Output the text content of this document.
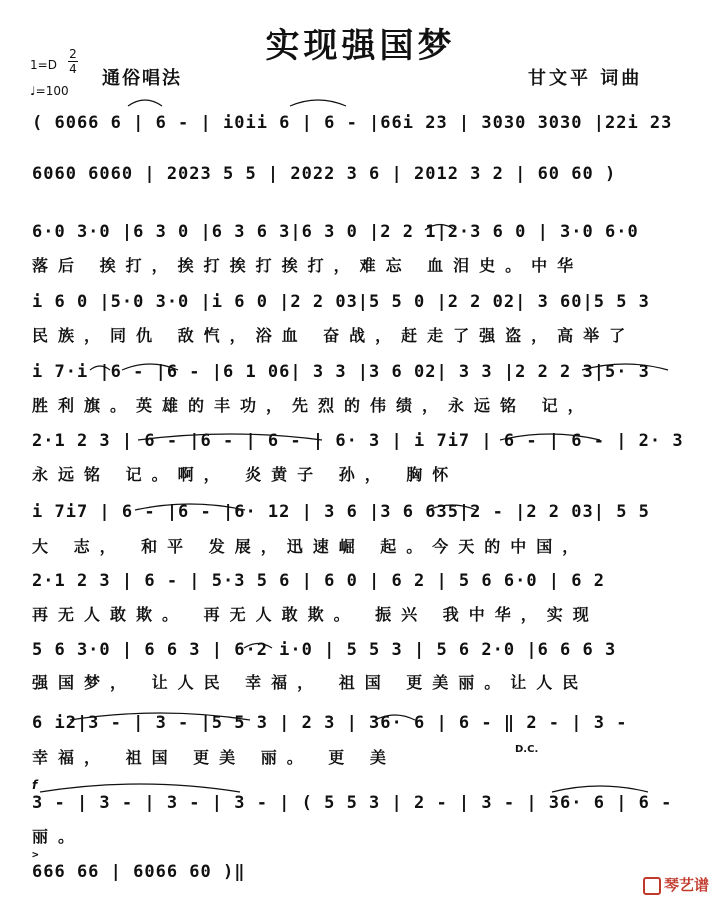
实现强国梦
1=D
2
4
♩=100
通俗唱法	甘文平 词曲
( 6066 6 | 6 - | i0ii 6 | 6 - |66i 23 | 3030 3030 |22i 23
6060 6060 | 2023 5 5 | 2022 3 6 | 2012 3 2 | 60 60 )
6·0 3·0 |6 3 0 |6 3 6 3|6 3 0 |2 2 1|2·3 6 0 | 3·0 6·0
落后 挨打，挨打挨打挨打，难忘 血泪史。中华
i 6 0 |5·0 3·0 |i 6 0 |2 2 03|5 5 0 |2 2 02| 3 60|5 5 3
民族，同仇 敌忾，浴血 奋战，赶走了强盗，高举了
i 7·i |6 - |6 - |6 1 06| 3 3 |3 6 02| 3 3 |2 2 2 3|5· 3
胜利旗。英雄的丰功，先烈的伟绩，永远铭 记，
2·1 2 3 | 6 - |6 - | 6 - | 6· 3 | i 7i7 | 6 - | 6 - | 2· 3
永远铭 记。啊， 炎黄子 孙， 胸怀
i 7i7 | 6 - |6 - |6· 12 | 3 6 |3 6 635|2 - |2 2 03| 5 5
大 志， 和平 发展，迅速崛 起。今天的中国，
2·1 2 3 | 6 - | 5·3 5 6 | 6 0 | 6 2 | 5 6 6·0 | 6 2
再无人敢欺。 再无人敢欺。 振兴 我中华，实现
5 6 3·0 | 6 6 3 | 6·2 i·0 | 5 5 3 | 5 6 2·0 |6 6 6 3
强国梦， 让人民 幸福， 祖国 更美丽。让人民
6 i2|3 - | 3 - |5 5 3 | 2 3 | 36· 6 | 6 - ‖ 2 - | 3 -
幸福， 祖国 更美 丽。 更 美	D.C.
f
3 - | 3 - | 3 - | 3 - | ( 5 5 3 | 2 - | 3 - | 36· 6 | 6 -
丽。
>
666 66 | 6066 60 )‖
琴艺谱
